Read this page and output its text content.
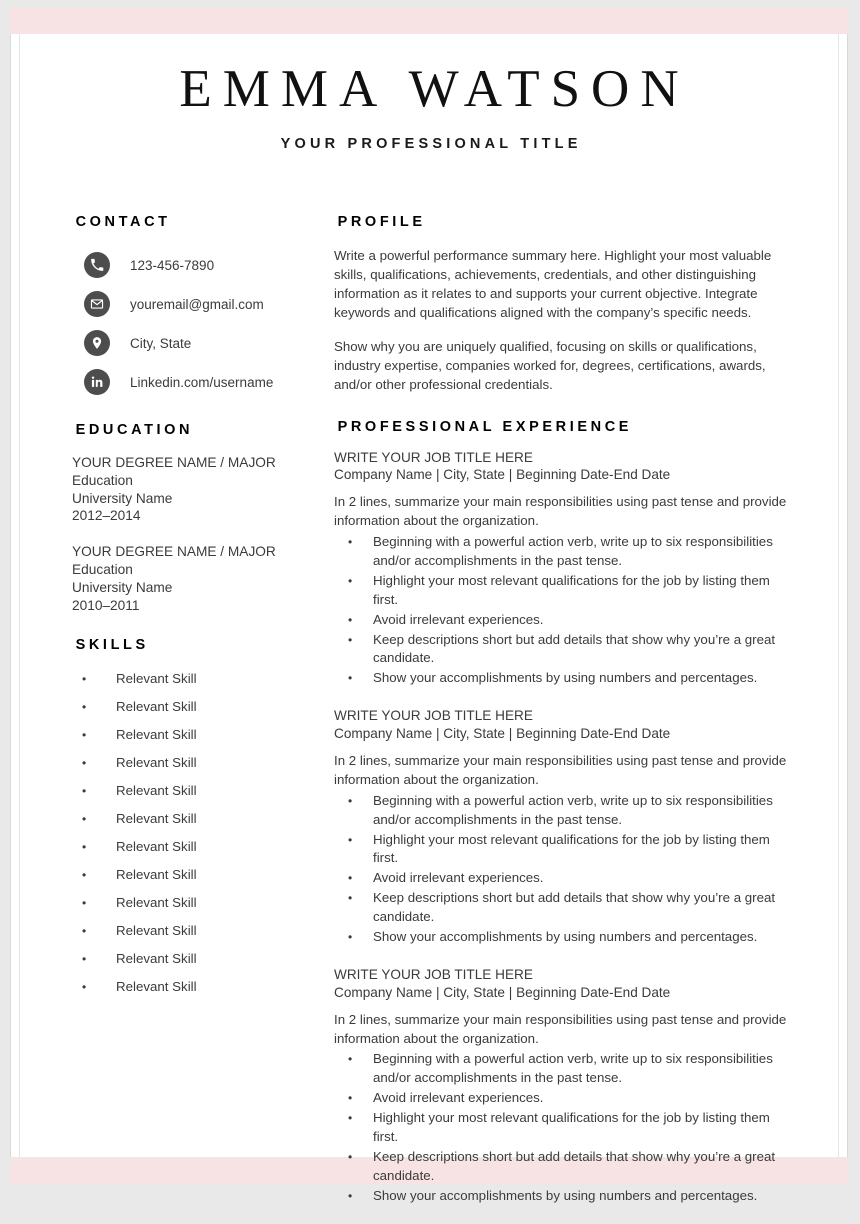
EMMA WATSON
YOUR PROFESSIONAL TITLE
CONTACT
123-456-7890
youremail@gmail.com
City, State
Linkedin.com/username
EDUCATION
YOUR DEGREE NAME / MAJOR
Education
University Name
2012–2014
YOUR DEGREE NAME / MAJOR
Education
University Name
2010–2011
SKILLS
• Relevant Skill
• Relevant Skill
• Relevant Skill
• Relevant Skill
• Relevant Skill
• Relevant Skill
• Relevant Skill
• Relevant Skill
• Relevant Skill
• Relevant Skill
• Relevant Skill
• Relevant Skill
PROFILE

Write a powerful performance summary here. Highlight your most valuable skills, qualifications, achievements, credentials, and other distinguishing information as it relates to and supports your current objective. Integrate keywords and qualifications aligned with the company’s specific needs.

Show why you are uniquely qualified, focusing on skills or qualifications, industry expertise, companies worked for, degrees, certifications, awards, and/or other professional credentials.

PROFESSIONAL EXPERIENCE
WRITE YOUR JOB TITLE HERE
Company Name | City, State | Beginning Date-End Date
In 2 lines, summarize your main responsibilities using past tense and provide information about the organization.
• Beginning with a powerful action verb, write up to six responsibilities and/or accomplishments in the past tense.
• Highlight your most relevant qualifications for the job by listing them first.
• Avoid irrelevant experiences.
• Keep descriptions short but add details that show why you’re a great candidate.
• Show your accomplishments by using numbers and percentages.
WRITE YOUR JOB TITLE HERE
Company Name | City, State | Beginning Date-End Date
In 2 lines, summarize your main responsibilities using past tense and provide information about the organization.
• Beginning with a powerful action verb, write up to six responsibilities and/or accomplishments in the past tense.
• Highlight your most relevant qualifications for the job by listing them first.
• Avoid irrelevant experiences.
• Keep descriptions short but add details that show why you’re a great candidate.
• Show your accomplishments by using numbers and percentages.
WRITE YOUR JOB TITLE HERE
Company Name | City, State | Beginning Date-End Date
In 2 lines, summarize your main responsibilities using past tense and provide information about the organization.
• Beginning with a powerful action verb, write up to six responsibilities and/or accomplishments in the past tense.
• Avoid irrelevant experiences.
• Highlight your most relevant qualifications for the job by listing them first.
• Keep descriptions short but add details that show why you’re a great candidate.
• Show your accomplishments by using numbers and percentages.
